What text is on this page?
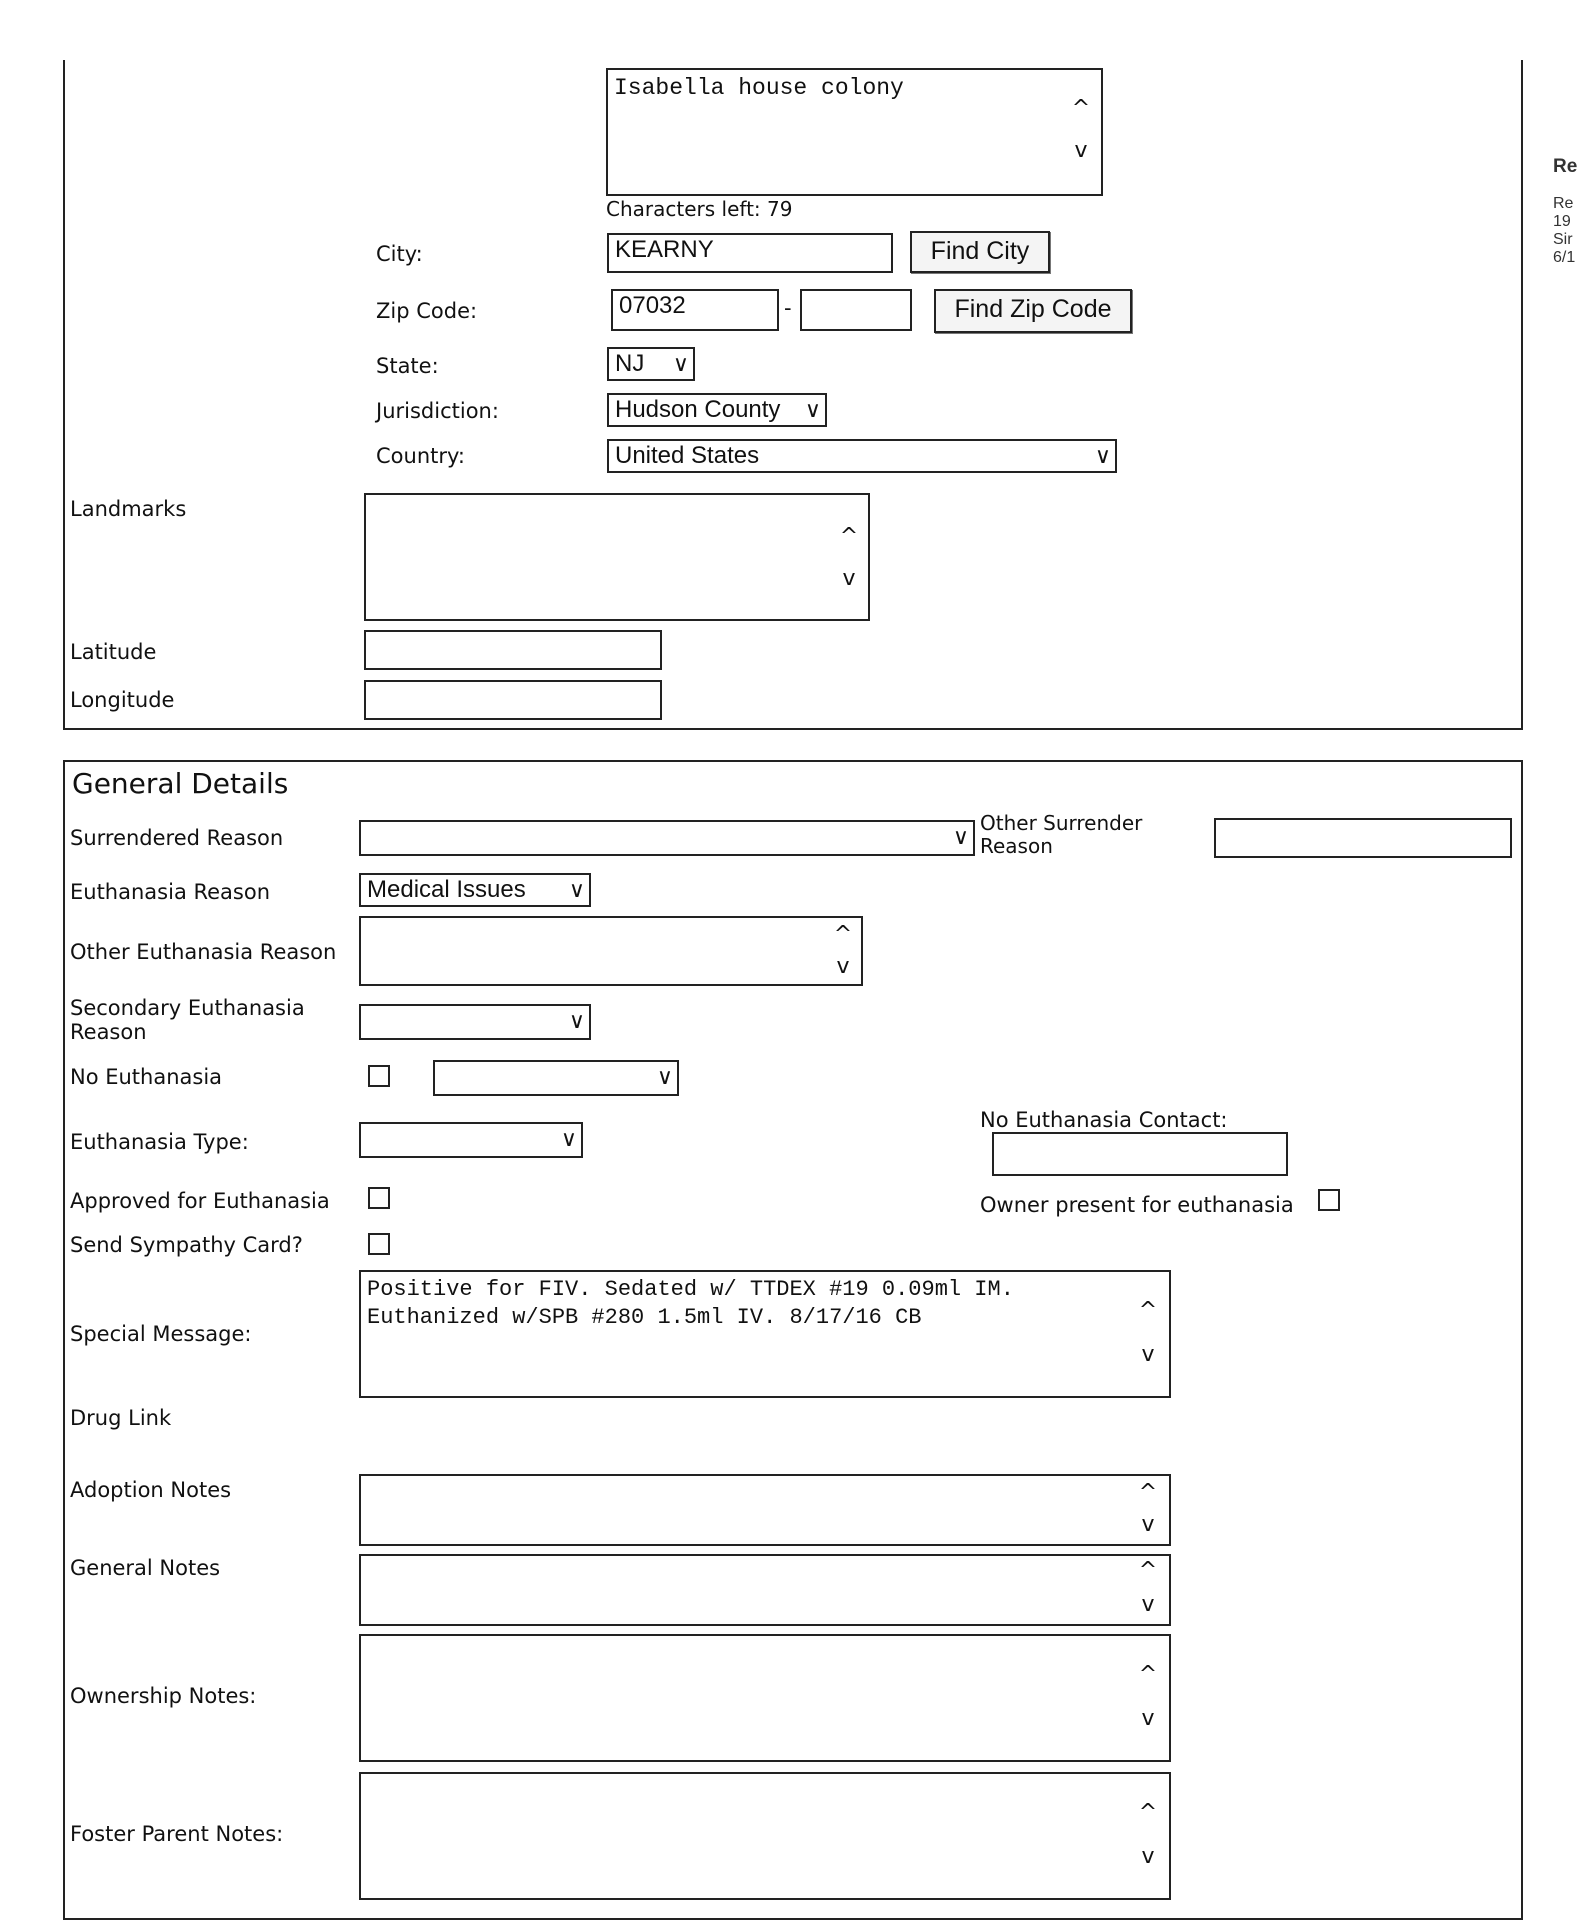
Re
Re
19
Sir
6/1
Isabella house colony
^
v
Characters left: 79
City:	KEARNY	Find City
Zip Code:	07032	-	Find Zip Code
State:	NJ ∨
Jurisdiction:	Hudson County ∨
Country:	United States	∨
Landmarks
^
v
Latitude
Longitude
General Details
Surrendered Reason	∨
Other Surrender Reason
Euthanasia Reason	Medical Issues ∨
Other Euthanasia Reason
^
v
Secondary Euthanasia Reason	∨
No Euthanasia	∨
No Euthanasia Contact:
Euthanasia Type:	∨
Approved for Euthanasia	Owner present for euthanasia
Send Sympathy Card?
Special Message:
Positive for FIV. Sedated w/ TTDEX #19 0.09ml IM.
Euthanized w/SPB #280 1.5ml IV. 8/17/16 CB	^
v
Drug Link
Adoption Notes	^
v
General Notes	^
v
Ownership Notes:
^
v
Foster Parent Notes:
^
v
